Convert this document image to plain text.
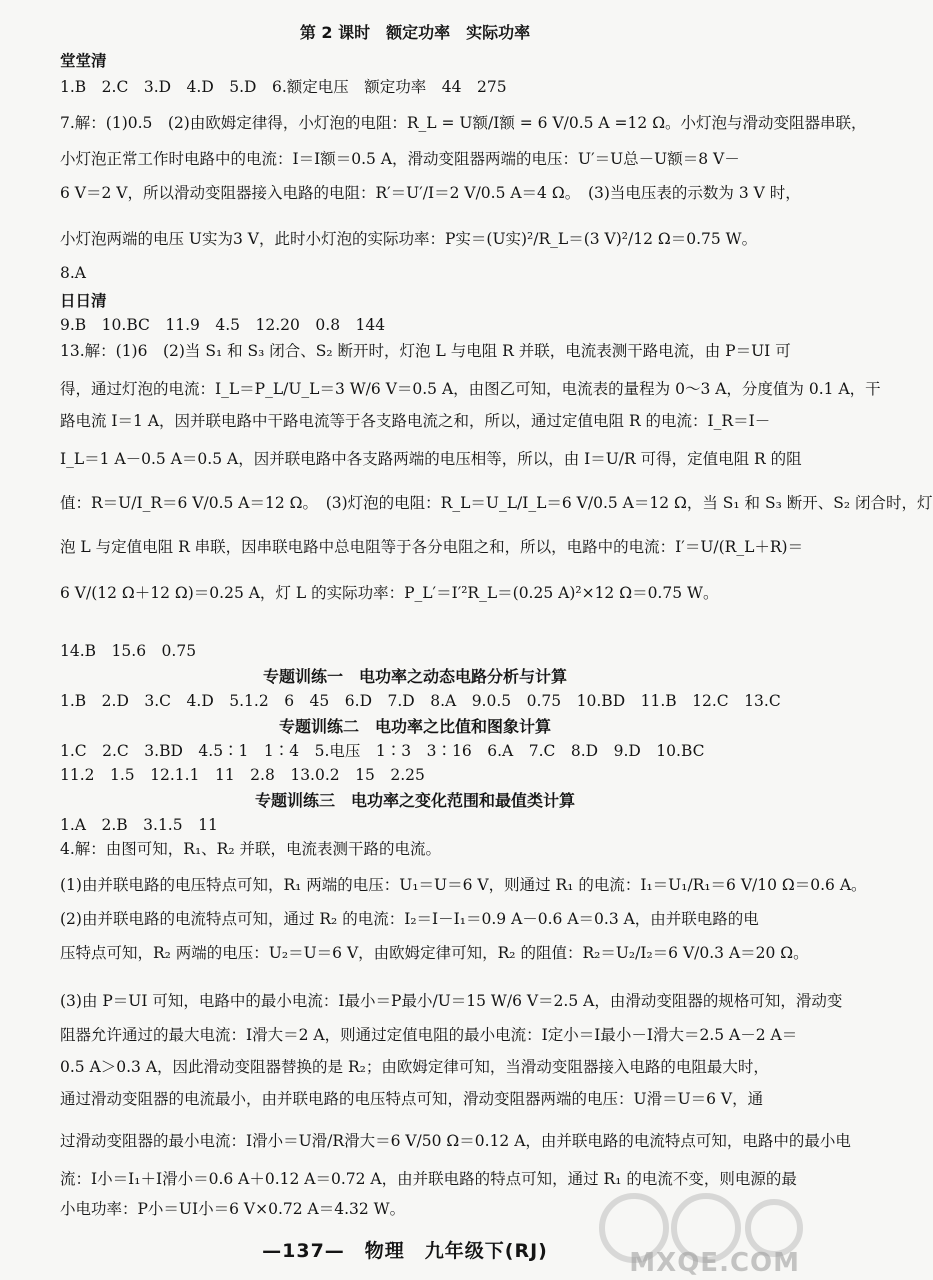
第 2 课时　额定功率　实际功率
堂堂清
1.B　2.C　3.D　4.D　5.D　6.额定电压　额定功率　44　275
7.解：(1)0.5　(2)由欧姆定律得，小灯泡的电阻：R_L = U额/I额 = 6 V/0.5 A =12 Ω。小灯泡与滑动变阻器串联，
小灯泡正常工作时电路中的电流：I＝I额＝0.5 A，滑动变阻器两端的电压：U′＝U总－U额＝8 V－
6 V＝2 V，所以滑动变阻器接入电路的电阻：R′＝U′/I＝2 V/0.5 A＝4 Ω。　(3)当电压表的示数为 3 V 时，
小灯泡两端的电压 U实为3 V，此时小灯泡的实际功率：P实＝(U实)²/R_L＝(3 V)²/12 Ω＝0.75 W。
8.A
日日清
9.B　10.BC　11.9　4.5　12.20　0.8　144
13.解：(1)6　(2)当 S₁ 和 S₃ 闭合、S₂ 断开时，灯泡 L 与电阻 R 并联，电流表测干路电流，由 P＝UI 可
得，通过灯泡的电流：I_L＝P_L/U_L＝3 W/6 V＝0.5 A，由图乙可知，电流表的量程为 0～3 A，分度值为 0.1 A，干
路电流 I＝1 A，因并联电路中干路电流等于各支路电流之和，所以，通过定值电阻 R 的电流：I_R＝I－
I_L＝1 A－0.5 A＝0.5 A，因并联电路中各支路两端的电压相等，所以，由 I＝U/R 可得，定值电阻 R 的阻
值：R＝U/I_R＝6 V/0.5 A＝12 Ω。　(3)灯泡的电阻：R_L＝U_L/I_L＝6 V/0.5 A＝12 Ω，当 S₁ 和 S₃ 断开、S₂ 闭合时，灯
泡 L 与定值电阻 R 串联，因串联电路中总电阻等于各分电阻之和，所以，电路中的电流：I′＝U/(R_L＋R)＝
6 V/(12 Ω＋12 Ω)＝0.25 A，灯 L 的实际功率：P_L′＝I′²R_L＝(0.25 A)²×12 Ω＝0.75 W。
14.B　15.6　0.75
专题训练一　电功率之动态电路分析与计算
1.B　2.D　3.C　4.D　5.1.2　6　45　6.D　7.D　8.A　9.0.5　0.75　10.BD　11.B　12.C　13.C
专题训练二　电功率之比值和图象计算
1.C　2.C　3.BD　4.5∶1　1∶4　5.电压　1∶3　3∶16　6.A　7.C　8.D　9.D　10.BC
11.2　1.5　12.1.1　11　2.8　13.0.2　15　2.25
专题训练三　电功率之变化范围和最值类计算
1.A　2.B　3.1.5　11
4.解：由图可知，R₁、R₂ 并联，电流表测干路的电流。
(1)由并联电路的电压特点可知，R₁ 两端的电压：U₁＝U＝6 V，则通过 R₁ 的电流：I₁＝U₁/R₁＝6 V/10 Ω＝0.6 A。
(2)由并联电路的电流特点可知，通过 R₂ 的电流：I₂＝I－I₁＝0.9 A－0.6 A＝0.3 A，由并联电路的电
压特点可知，R₂ 两端的电压：U₂＝U＝6 V，由欧姆定律可知，R₂ 的阻值：R₂＝U₂/I₂＝6 V/0.3 A＝20 Ω。
(3)由 P＝UI 可知，电路中的最小电流：I最小＝P最小/U＝15 W/6 V＝2.5 A，由滑动变阻器的规格可知，滑动变
阻器允许通过的最大电流：I滑大＝2 A，则通过定值电阻的最小电流：I定小＝I最小－I滑大＝2.5 A－2 A＝
0.5 A＞0.3 A，因此滑动变阻器替换的是 R₂；由欧姆定律可知，当滑动变阻器接入电路的电阻最大时，
通过滑动变阻器的电流最小，由并联电路的电压特点可知，滑动变阻器两端的电压：U滑＝U＝6 V，通
过滑动变阻器的最小电流：I滑小＝U滑/R滑大＝6 V/50 Ω＝0.12 A，由并联电路的电流特点可知，电路中的最小电
流：I小＝I₁＋I滑小＝0.6 A＋0.12 A＝0.72 A，由并联电路的特点可知，通过 R₁ 的电流不变，则电源的最
小电功率：P小＝UI小＝6 V×0.72 A＝4.32 W。
—137—　物理　九年级下(RJ)	MXQE.COM
